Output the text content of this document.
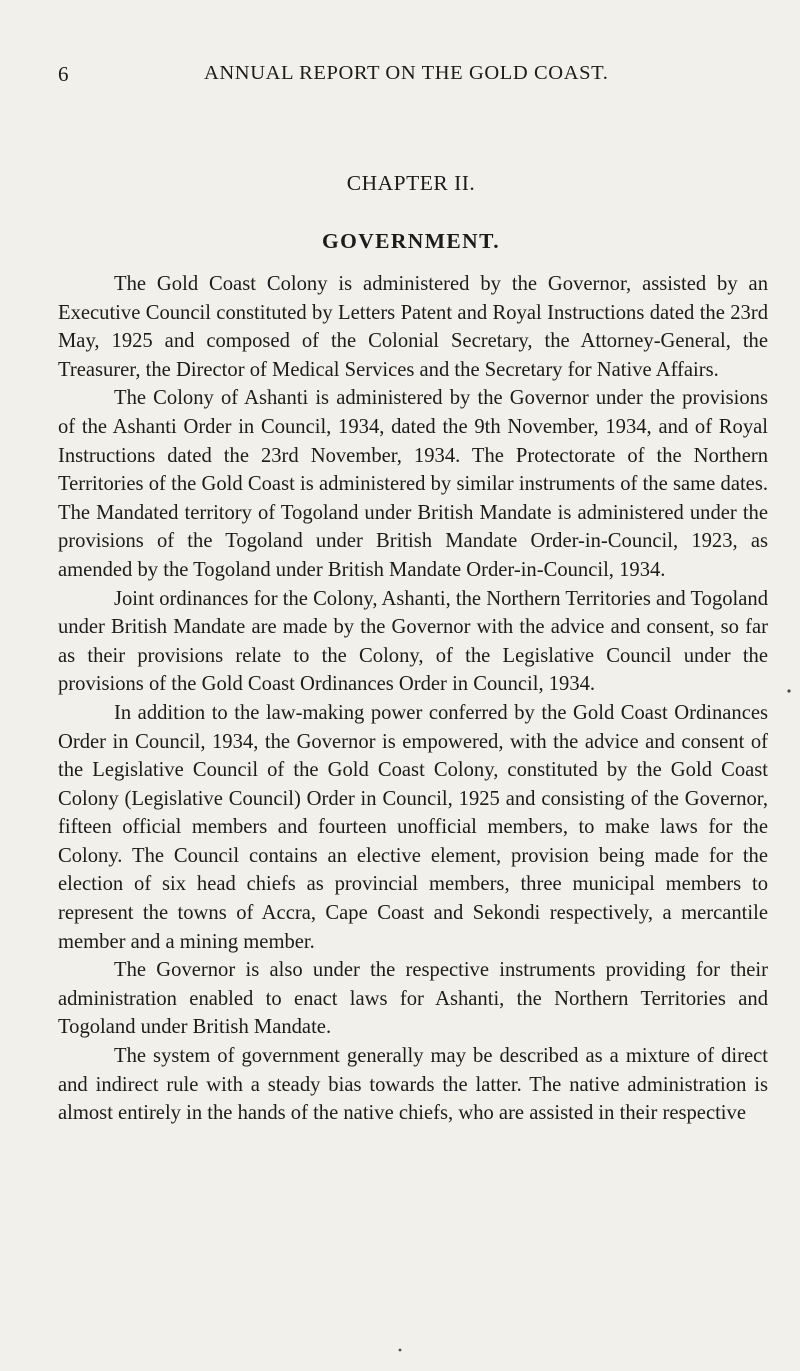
6	ANNUAL REPORT ON THE GOLD COAST.
CHAPTER II.
GOVERNMENT.

The Gold Coast Colony is administered by the Governor, assisted by an Executive Council constituted by Letters Patent and Royal Instructions dated the 23rd May, 1925 and composed of the Colonial Secretary, the Attorney-General, the Treasurer, the Director of Medical Services and the Secretary for Native Affairs.

The Colony of Ashanti is administered by the Governor under the provisions of the Ashanti Order in Council, 1934, dated the 9th November, 1934, and of Royal Instructions dated the 23rd November, 1934. The Protectorate of the Northern Territories of the Gold Coast is administered by similar instruments of the same dates. The Mandated territory of Togoland under British Mandate is administered under the provisions of the Togoland under British Mandate Order-in-Council, 1923, as amended by the Togoland under British Mandate Order-in-Council, 1934.

Joint ordinances for the Colony, Ashanti, the Northern Territories and Togoland under British Mandate are made by the Governor with the advice and consent, so far as their provisions relate to the Colony, of the Legislative Council under the provisions of the Gold Coast Ordinances Order in Council, 1934.

In addition to the law-making power conferred by the Gold Coast Ordinances Order in Council, 1934, the Governor is empowered, with the advice and consent of the Legislative Council of the Gold Coast Colony, constituted by the Gold Coast Colony (Legislative Council) Order in Council, 1925 and consisting of the Governor, fifteen official members and fourteen unofficial members, to make laws for the Colony. The Council contains an elective element, provision being made for the election of six head chiefs as provincial members, three municipal members to represent the towns of Accra, Cape Coast and Sekondi respectively, a mercantile member and a mining member.

The Governor is also under the respective instruments providing for their administration enabled to enact laws for Ashanti, the Northern Territories and Togoland under British Mandate.

The system of government generally may be described as a mixture of direct and indirect rule with a steady bias towards the latter. The native administration is almost entirely in the hands of the native chiefs, who are assisted in their respective
